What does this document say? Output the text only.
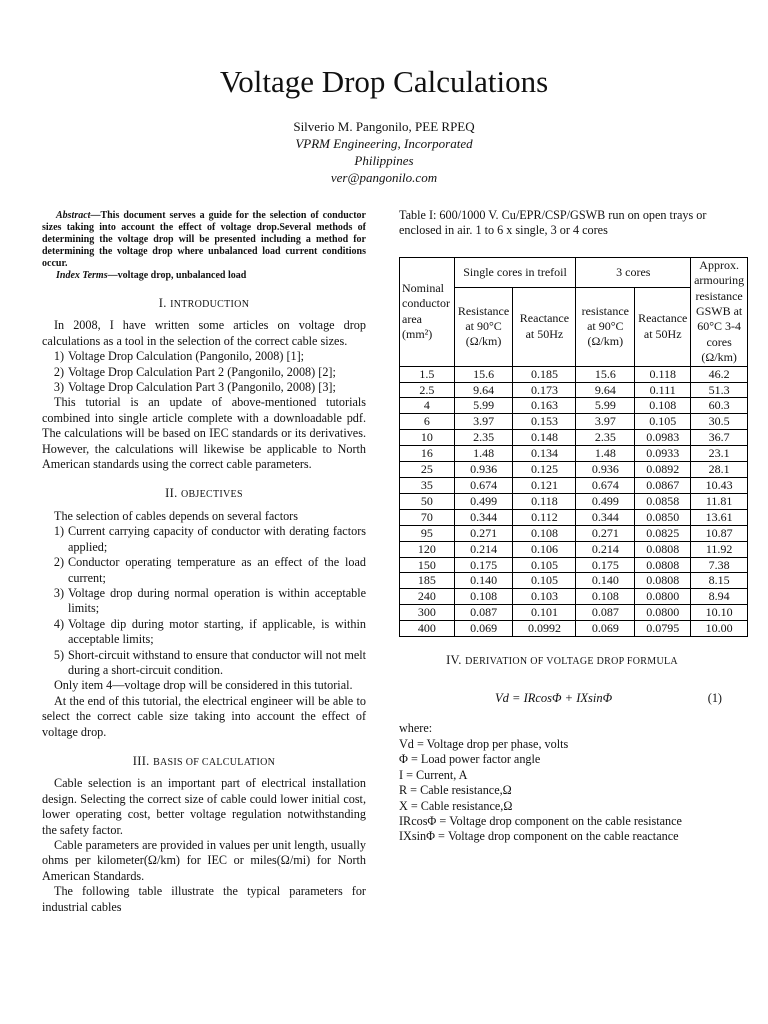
Voltage Drop Calculations
Silverio M. Pangonilo, PEE RPEQ
VPRM Engineering, Incorporated
Philippines
ver@pangonilo.com
Abstract—This document serves a guide for the selection of conductor sizes taking into account the effect of voltage drop.Several methods of determining the voltage drop will be presented including a method for determining the voltage drop where unbalanced load current conditions occur.
Index Terms—voltage drop, unbalanced load
I. INTRODUCTION

In 2008, I have written some articles on voltage drop calculations as a tool in the selection of the correct cable sizes.

1) Voltage Drop Calculation (Pangonilo, 2008) [1];
2) Voltage Drop Calculation Part 2 (Pangonilo, 2008) [2];
3) Voltage Drop Calculation Part 3 (Pangonilo, 2008) [3];

This tutorial is an update of above-mentioned tutorials combined into single article complete with a downloadable pdf. The calculations will be based on IEC standards or its derivatives. However, the calculations will likewise be applicable to North American standards using the correct cable parameters.

II. OBJECTIVES

The selection of cables depends on several factors

1) Current carrying capacity of conductor with derating factors applied;
2) Conductor operating temperature as an effect of the load current;
3) Voltage drop during normal operation is within acceptable limits;
4) Voltage dip during motor starting, if applicable, is within acceptable limits;
5) Short-circuit withstand to ensure that conductor will not melt during a short-circuit condition.

Only item 4—voltage drop will be considered in this tutorial.

At the end of this tutorial, the electrical engineer will be able to select the correct cable size taking into account the effect of voltage drop.

III. BASIS OF CALCULATION

Cable selection is an important part of electrical installation design. Selecting the correct size of cable could lower initial cost, lower operating cost, better voltage regulation notwithstanding the safety factor.

Cable parameters are provided in values per unit length, usually ohms per kilometer(Ω/km) for IEC or miles(Ω/mi) for North American Standards.

The following table illustrate the typical parameters for industrial cables

Table I: 600/1000 V. Cu/EPR/CSP/GSWB run on open trays or enclosed in air. 1 to 6 x single, 3 or 4 cores
Nominal conductor area (mm²)	Single cores in trefoil		3 cores		Approx. armouring resistance GSWB at 60°C 3-4 cores (Ω/km)
	Resistance at 90°C (Ω/km)	Reactance at 50Hz	resistance at 90°C (Ω/km)	Reactance at 50Hz	
1.5	15.6	0.185	15.6	0.118	46.2
2.5	9.64	0.173	9.64	0.111	51.3
4	5.99	0.163	5.99	0.108	60.3
6	3.97	0.153	3.97	0.105	30.5
10	2.35	0.148	2.35	0.0983	36.7
16	1.48	0.134	1.48	0.0933	23.1
25	0.936	0.125	0.936	0.0892	28.1
35	0.674	0.121	0.674	0.0867	10.43
50	0.499	0.118	0.499	0.0858	11.81
70	0.344	0.112	0.344	0.0850	13.61
95	0.271	0.108	0.271	0.0825	10.87
120	0.214	0.106	0.214	0.0808	11.92
150	0.175	0.105	0.175	0.0808	7.38
185	0.140	0.105	0.140	0.0808	8.15
240	0.108	0.103	0.108	0.0800	8.94
300	0.087	0.101	0.087	0.0800	10.10
400	0.069	0.0992	0.069	0.0795	10.00
IV. DERIVATION OF VOLTAGE DROP FORMULA
Vd = IRcosΦ + IXsinΦ	(1)

where:

Vd = Voltage drop per phase, volts

Φ = Load power factor angle

I = Current, A

R = Cable resistance,Ω

X = Cable resistance,Ω

IRcosΦ = Voltage drop component on the cable resistance

IXsinΦ = Voltage drop component on the cable reactance
